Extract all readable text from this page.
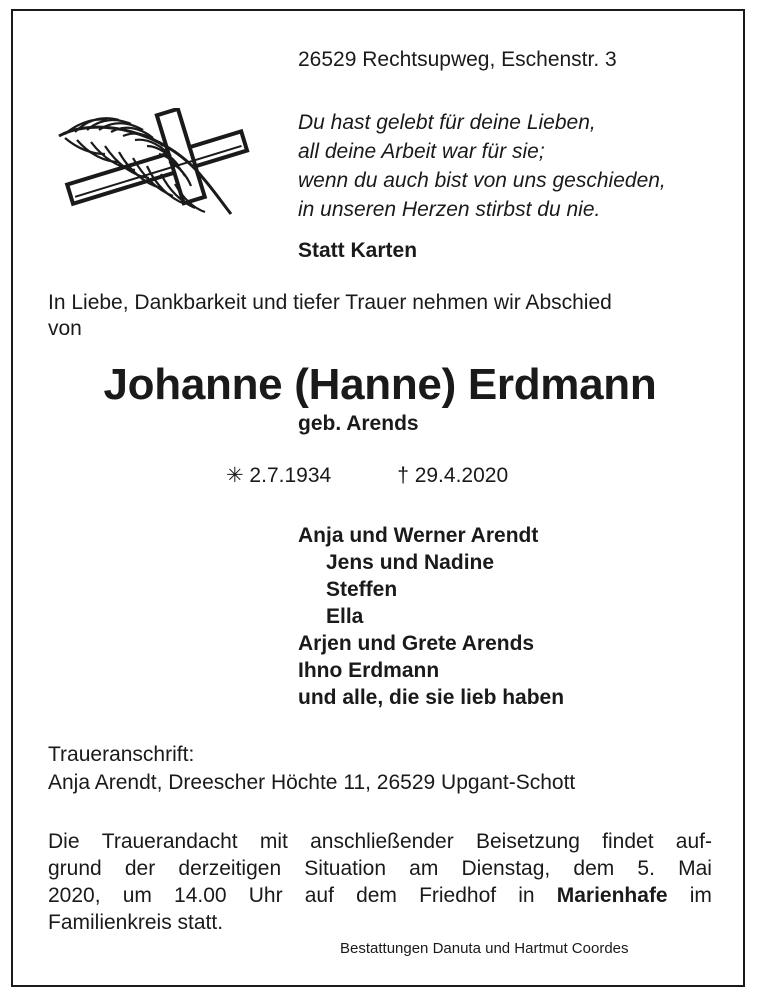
26529 Rechtsupweg, Eschenstr. 3
Du hast gelebt für deine Lieben,
all deine Arbeit war für sie;
wenn du auch bist von uns geschieden,
in unseren Herzen stirbst du nie.
Statt Karten
In Liebe, Dankbarkeit und tiefer Trauer nehmen wir Abschied
von
Johanne (Hanne) Erdmann
geb. Arends
✳ 2.7.1934	† 29.4.2020
Anja und Werner Arendt
Jens und Nadine
Steffen
Ella
Arjen und Grete Arends
Ihno Erdmann
und alle, die sie lieb haben
Traueranschrift:
Anja Arendt, Dreescher Höchte 11, 26529 Upgant-Schott
Die Trauerandacht mit anschließender Beisetzung findet auf-
grund der derzeitigen Situation am Dienstag, dem 5. Mai
2020, um 14.00 Uhr auf dem Friedhof in Marienhafe im
Familienkreis statt.
Bestattungen Danuta und Hartmut Coordes
